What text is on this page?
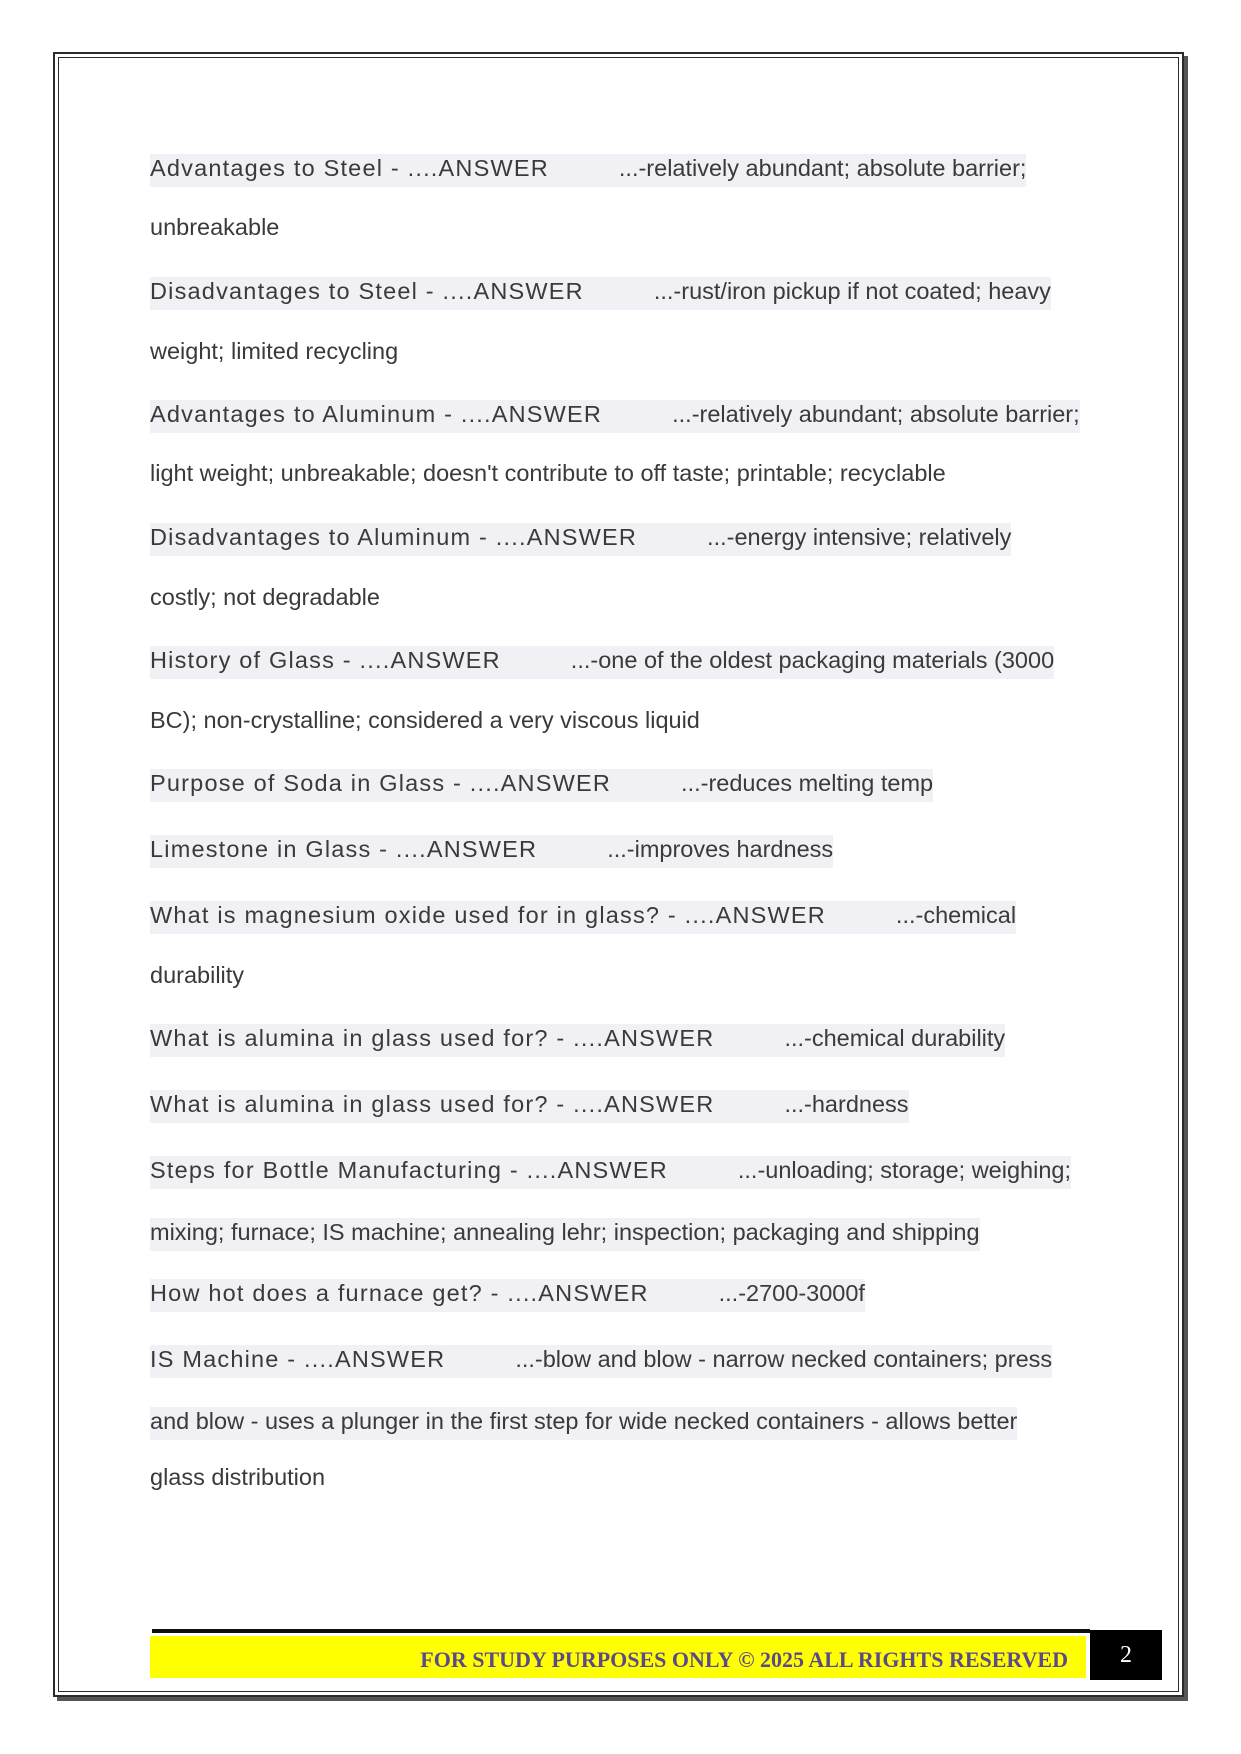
Advantages to Steel - ....ANSWER	...-relatively abundant; absolute barrier;
unbreakable
Disadvantages to Steel - ....ANSWER	...-rust/iron pickup if not coated; heavy
weight; limited recycling
Advantages to Aluminum - ....ANSWER	...-relatively abundant; absolute barrier;
light weight; unbreakable; doesn't contribute to off taste; printable; recyclable
Disadvantages to Aluminum - ....ANSWER	...-energy intensive; relatively
costly; not degradable
History of Glass - ....ANSWER	...-one of the oldest packaging materials (3000
BC); non-crystalline; considered a very viscous liquid
Purpose of Soda in Glass - ....ANSWER	...-reduces melting temp
Limestone in Glass - ....ANSWER	...-improves hardness
What is magnesium oxide used for in glass? - ....ANSWER	...-chemical
durability
What is alumina in glass used for? - ....ANSWER	...-chemical durability
What is alumina in glass used for? - ....ANSWER	...-hardness
Steps for Bottle Manufacturing - ....ANSWER	...-unloading; storage; weighing;
mixing; furnace; IS machine; annealing lehr; inspection; packaging and shipping
How hot does a furnace get? - ....ANSWER	...-2700-3000f
IS Machine - ....ANSWER	...-blow and blow - narrow necked containers; press
and blow - uses a plunger in the first step for wide necked containers - allows better
glass distribution
FOR STUDY PURPOSES ONLY © 2025 ALL RIGHTS RESERVED	2
